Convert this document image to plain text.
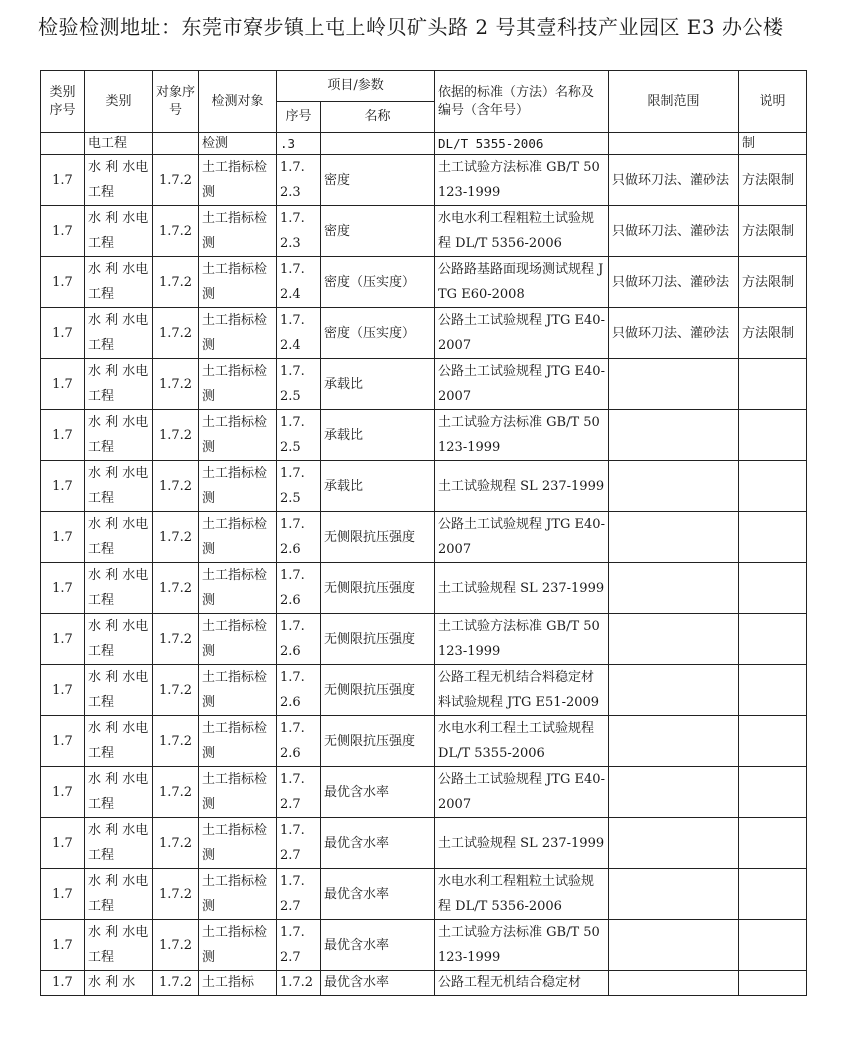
检验检测地址：东莞市寮步镇上屯上岭贝矿头路 2 号其壹科技产业园区 E3 办公楼
类别序号	类别	对象序号	检测对象	项目/参数		依据的标准（方法）名称及编号（含年号）	限制范围	说明
				序号	名称			
	电工程		检测	.3		DL/T 5355-2006		制
1.7	水 利 水电工程	1.7.2	土工指标检测	1.7.2.3	密度	土工试验方法标准 GB/T 50123-1999	只做环刀法、灌砂法	方法限制
1.7	水 利 水电工程	1.7.2	土工指标检测	1.7.2.3	密度	水电水利工程粗粒土试验规程 DL/T 5356-2006	只做环刀法、灌砂法	方法限制
1.7	水 利 水电工程	1.7.2	土工指标检测	1.7.2.4	密度（压实度）	公路路基路面现场测试规程 JTG E60-2008	只做环刀法、灌砂法	方法限制
1.7	水 利 水电工程	1.7.2	土工指标检测	1.7.2.4	密度（压实度）	公路土工试验规程 JTG E40-2007	只做环刀法、灌砂法	方法限制
1.7	水 利 水电工程	1.7.2	土工指标检测	1.7.2.5	承载比	公路土工试验规程 JTG E40-2007		
1.7	水 利 水电工程	1.7.2	土工指标检测	1.7.2.5	承载比	土工试验方法标准 GB/T 50123-1999		
1.7	水 利 水电工程	1.7.2	土工指标检测	1.7.2.5	承载比	土工试验规程 SL 237-1999		
1.7	水 利 水电工程	1.7.2	土工指标检测	1.7.2.6	无侧限抗压强度	公路土工试验规程 JTG E40-2007		
1.7	水 利 水电工程	1.7.2	土工指标检测	1.7.2.6	无侧限抗压强度	土工试验规程 SL 237-1999		
1.7	水 利 水电工程	1.7.2	土工指标检测	1.7.2.6	无侧限抗压强度	土工试验方法标准 GB/T 50123-1999		
1.7	水 利 水电工程	1.7.2	土工指标检测	1.7.2.6	无侧限抗压强度	公路工程无机结合料稳定材料试验规程 JTG E51-2009		
1.7	水 利 水电工程	1.7.2	土工指标检测	1.7.2.6	无侧限抗压强度	水电水利工程土工试验规程 DL/T 5355-2006		
1.7	水 利 水电工程	1.7.2	土工指标检测	1.7.2.7	最优含水率	公路土工试验规程 JTG E40-2007		
1.7	水 利 水电工程	1.7.2	土工指标检测	1.7.2.7	最优含水率	土工试验规程 SL 237-1999		
1.7	水 利 水电工程	1.7.2	土工指标检测	1.7.2.7	最优含水率	水电水利工程粗粒土试验规程 DL/T 5356-2006		
1.7	水 利 水电工程	1.7.2	土工指标检测	1.7.2.7	最优含水率	土工试验方法标准 GB/T 50123-1999		
1.7	水 利 水	1.7.2	土工指标	1.7.2	最优含水率	公路工程无机结合稳定材		
